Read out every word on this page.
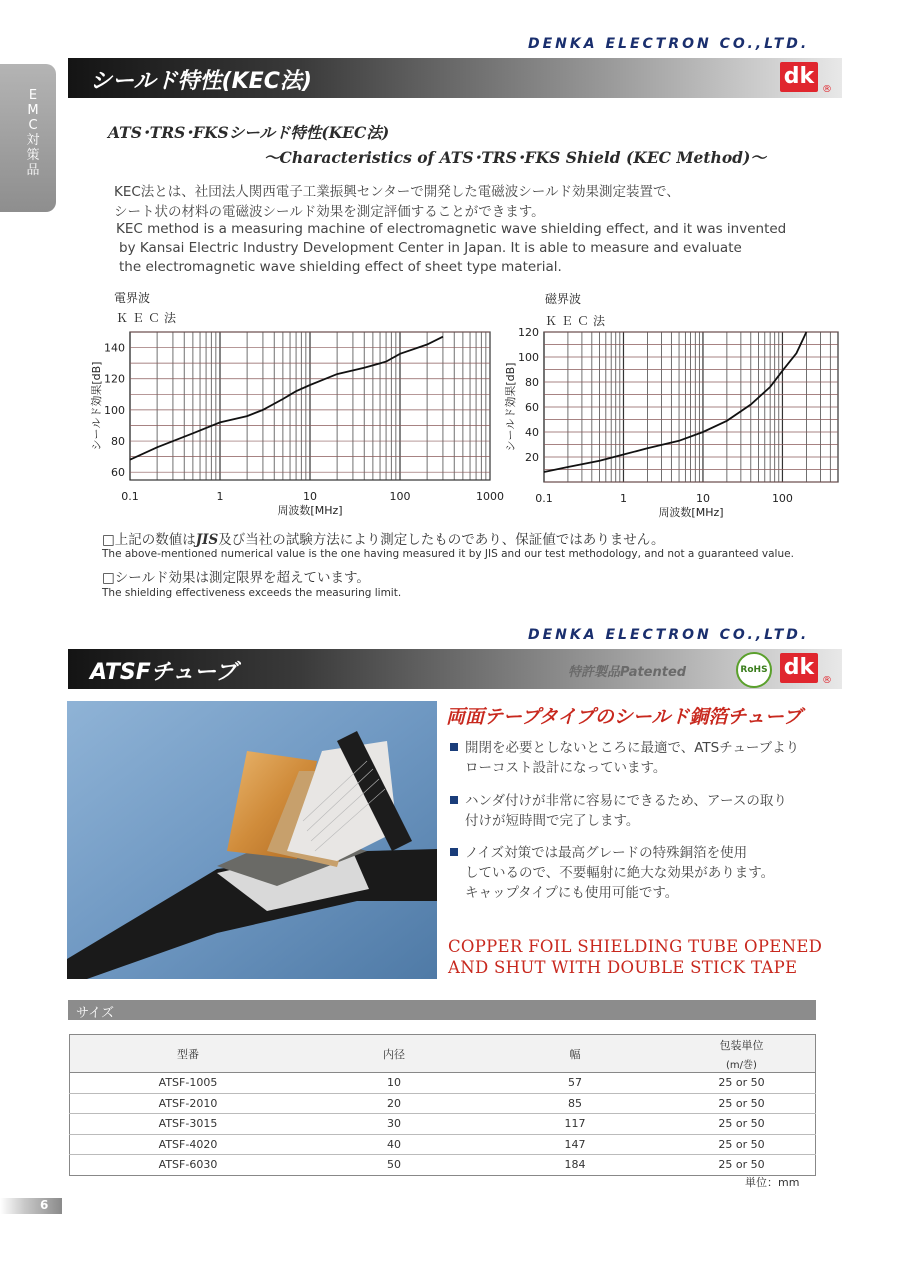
EMC対策品
DENKA ELECTRON CO.,LTD.
シールド特性(KEC法)	dk
®
ATS･TRS･FKSシールド特性(KEC法)
～Characteristics of ATS･TRS･FKS Shield (KEC Method)～
KEC法とは、社団法人関西電子工業振興センターで開発した電磁波シールド効果測定装置で、
シート状の材料の電磁波シールド効果を測定評価することができます。
KEC method is a measuring machine of electromagnetic wave shielding effect, and it was invented
by Kansai Electric Industry Development Center in Japan. It is able to measure and evaluate
the electromagnetic wave shielding effect of sheet type material.
電界波
ＫＥＣ法
0.1	1	10	100	1000
60
80
100
120
140
周波数[MHz]
シールド効果[dB]
磁界波
ＫＥＣ法
0.1	1	10	100
20
40
60
80
100
120
周波数[MHz]
シールド効果[dB]
□上記の数値はJIS及び当社の試験方法により測定したものであり、保証値ではありません。
The above-mentioned numerical value is the one having measured it by JIS and our test methodology, and not a guaranteed value.
□シールド効果は測定限界を超えています。
The shielding effectiveness exceeds the measuring limit.
DENKA ELECTRON CO.,LTD.
ATSFチューブ	特許製品Patented	RoHS dk
®
両面テープタイプのシールド銅箔チューブ
開閉を必要としないところに最適で、ATSチューブより
ローコスト設計になっています。
ハンダ付けが非常に容易にできるため、アースの取り
付けが短時間で完了します。
ノイズ対策では最高グレードの特殊銅箔を使用
しているので、不要輻射に絶大な効果があります。
キャップタイプにも使用可能です。
COPPER FOIL SHIELDING TUBE OPENED
AND SHUT WITH DOUBLE STICK TAPE
サイズ
型番	内径	幅	包装単位
(m/巻)

ATSF-1005	10	57	25 or 50
ATSF-2010	20	85	25 or 50
ATSF-3015	30	117	25 or 50
ATSF-4020	40	147	25 or 50
ATSF-6030	50	184	25 or 50
単位：mm
6
